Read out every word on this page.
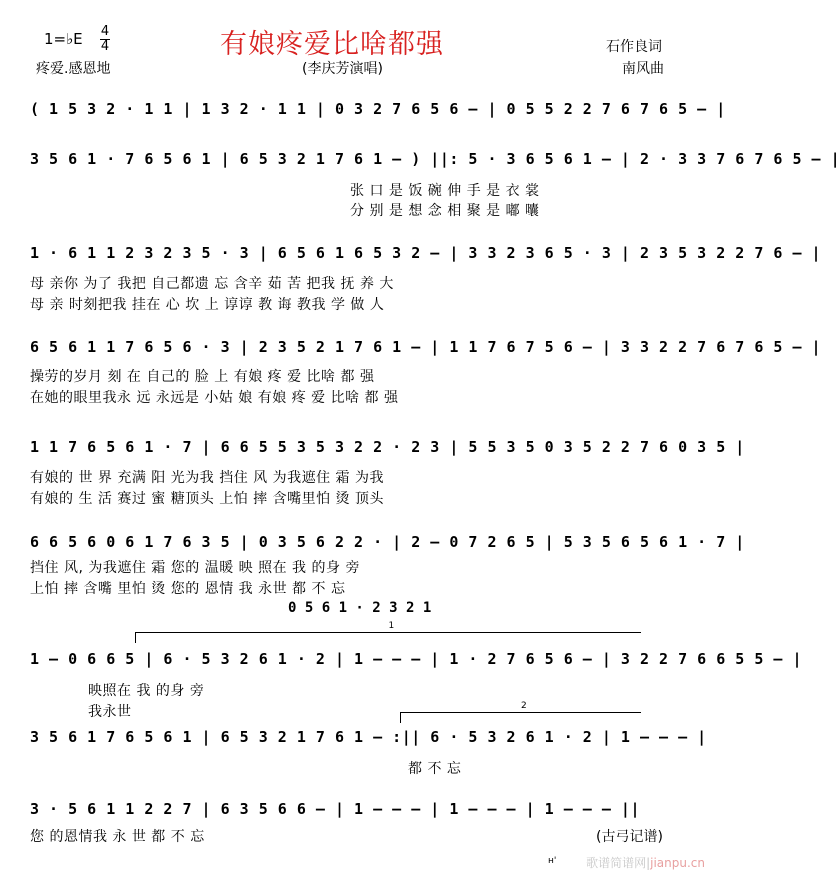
有娘疼爱比啥都强
1=♭E 4
4
疼爱.感恩地	(李庆芳演唱)
石作良词
南风曲
( 1 5 3 2 · 1 1 | 1 3 2 · 1 1 | 0 3 2 7 6 5 6 – | 0 5 5 2 2 7 6 7 6 5 – |
3 5 6 1 · 7 6 5 6 1 | 6 5 3 2 1 7 6 1 – ) ||: 5 · 3 6 5 6 1 – | 2 · 3 3 7 6 7 6 5 – |
张 口 是 饭 碗 伸 手 是 衣 裳
分 别 是 想 念 相 聚 是 嘟 囔
1 · 6 1 1 2 3 2 3 5 · 3 | 6 5 6 1 6 5 3 2 – | 3 3 2 3 6 5 · 3 | 2 3 5 3 2 2 7 6 – |
母 亲你 为了 我把 自己都遗 忘 含辛 茹 苦 把我 抚 养 大
母 亲 时刻把我 挂在 心 坎 上 谆谆 教 诲 教我 学 做 人
6 5 6 1 1 7 6 5 6 · 3 | 2 3 5 2 1 7 6 1 – | 1 1 7 6 7 5 6 – | 3 3 2 2 7 6 7 6 5 – |
操劳的岁月 刻 在 自己的 脸 上 有娘 疼 爱 比啥 都 强
在她的眼里我永 远 永远是 小姑 娘 有娘 疼 爱 比啥 都 强
1 1 7 6 5 6 1 · 7 | 6 6 5 5 3 5 3 2 2 · 2 3 | 5 5 3 5 0 3 5 2 2 7 6 0 3 5 |
有娘的 世 界 充满 阳 光为我 挡住 风 为我遮住 霜 为我
有娘的 生 活 赛过 蜜 糖顶头 上怕 摔 含嘴里怕 烫 顶头
6 6 5 6 0 6 1 7 6 3 5 | 0 3 5 6 2 2 · | 2 – 0 7 2 6 5 | 5 3 5 6 5 6 1 · 7 |
挡住 风, 为我遮住 霜 您的 温暖 映 照在 我 的身 旁
上怕 摔 含嘴 里怕 烫 您的 恩情 我 永世 都 不 忘
0 5 6 1 · 2 3 2 1
1
1 – 0 6 6 5 | 6 · 5 3 2 6 1 · 2 | 1 – – – | 1 · 2 7 6 5 6 – | 3 2 2 7 6 6 5 5 – |
映照在 我 的身 旁
我永世	2
3 5 6 1 7 6 5 6 1 | 6 5 3 2 1 7 6 1 – :|| 6 · 5 3 2 6 1 · 2 | 1 – – – |
都 不 忘
3 · 5 6 1 1 2 2 7 | 6 3 5 6 6 – | 1 – – – | 1 – – – | 1 – – – ||
您 的恩情我 永 世 都 不 忘	(古弓记谱)
н' 歌谱简谱网|jianpu.cn
